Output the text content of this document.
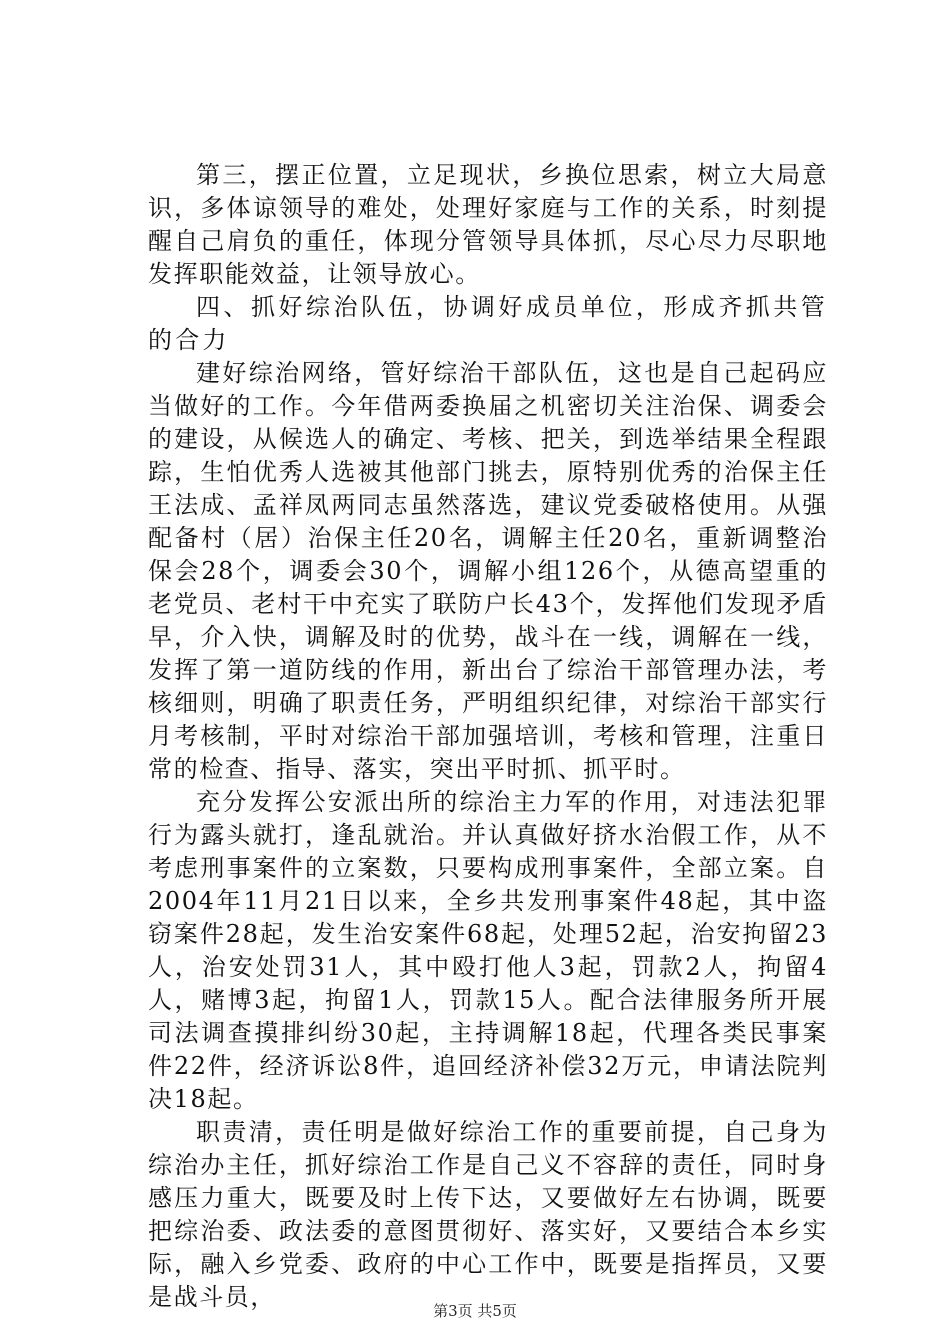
第三，摆正位置，立足现状，乡换位思索，树立大局意识，多体谅领导的难处，处理好家庭与工作的关系，时刻提醒自己肩负的重任，体现分管领导具体抓，尽心尽力尽职地发挥职能效益，让领导放心。

四、抓好综治队伍，协调好成员单位，形成齐抓共管的合力

建好综治网络，管好综治干部队伍，这也是自己起码应当做好的工作。今年借两委换届之机密切关注治保、调委会的建设，从候选人的确定、考核、把关，到选举结果全程跟踪，生怕优秀人选被其他部门挑去，原特别优秀的治保主任王法成、孟祥凤两同志虽然落选，建议党委破格使用。从强配备村（居）治保主任20名，调解主任20名，重新调整治保会28个，调委会30个，调解小组126个，从德高望重的老党员、老村干中充实了联防户长43个，发挥他们发现矛盾早，介入快，调解及时的优势，战斗在一线，调解在一线，发挥了第一道防线的作用，新出台了综治干部管理办法，考核细则，明确了职责任务，严明组织纪律，对综治干部实行月考核制，平时对综治干部加强培训，考核和管理，注重日常的检查、指导、落实，突出平时抓、抓平时。

充分发挥公安派出所的综治主力军的作用，对违法犯罪行为露头就打，逢乱就治。并认真做好挤水治假工作，从不考虑刑事案件的立案数，只要构成刑事案件，全部立案。自2004年11月21日以来，全乡共发刑事案件48起，其中盗窃案件28起，发生治安案件68起，处理52起，治安拘留23人，治安处罚31人，其中殴打他人3起，罚款2人，拘留4人，赌博3起，拘留1人，罚款15人。配合法律服务所开展司法调查摸排纠纷30起，主持调解18起，代理各类民事案件22件，经济诉讼8件，追回经济补偿32万元，申请法院判决18起。

职责清，责任明是做好综治工作的重要前提，自己身为综治办主任，抓好综治工作是自己义不容辞的责任，同时身感压力重大，既要及时上传下达，又要做好左右协调，既要把综治委、政法委的意图贯彻好、落实好，又要结合本乡实际，融入乡党委、政府的中心工作中，既要是指挥员，又要是战斗员，	第3页 共5页
